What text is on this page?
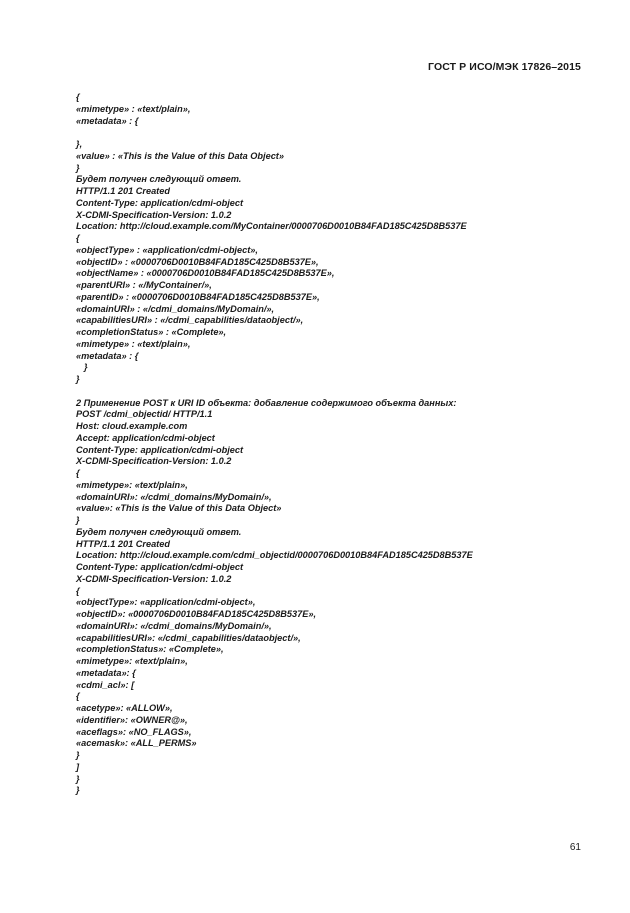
ГОСТ Р ИСО/МЭК 17826–2015
{
«mimetype» : «text/plain»,
«metadata» : {
},
«value» : «This is the Value of this Data Object»
}
Будет получен следующий ответ.
HTTP/1.1 201 Created
Content-Type: application/cdmi-object
X-CDMI-Specification-Version: 1.0.2
Location: http://cloud.example.com/MyContainer/0000706D0010B84FAD185C425D8B537E
{
«objectType» : «application/cdmi-object»,
«objectID» : «0000706D0010B84FAD185C425D8B537E»,
«objectName» : «0000706D0010B84FAD185C425D8B537E»,
«parentURI» : «/MyContainer/»,
«parentID» : «0000706D0010B84FAD185C425D8B537E»,
«domainURI» : «/cdmi_domains/MyDomain/»,
«capabilitiesURI» : «/cdmi_capabilities/dataobject/»,
«completionStatus» : «Complete»,
«mimetype» : «text/plain»,
«metadata» : {
}
}
2 Применение POST к URI ID объекта: добавление содержимого объекта данных:
POST /cdmi_objectid/ HTTP/1.1
Host: cloud.example.com
Accept: application/cdmi-object
Content-Type: application/cdmi-object
X-CDMI-Specification-Version: 1.0.2
{
«mimetype»: «text/plain»,
«domainURI»: «/cdmi_domains/MyDomain/»,
«value»: «This is the Value of this Data Object»
}
Будет получен следующий ответ.
HTTP/1.1 201 Created
Location: http://cloud.example.com/cdmi_objectid/0000706D0010B84FAD185C425D8B537E
Content-Type: application/cdmi-object
X-CDMI-Specification-Version: 1.0.2
{
«objectType»: «application/cdmi-object»,
«objectID»: «0000706D0010B84FAD185C425D8B537E»,
«domainURI»: «/cdmi_domains/MyDomain/»,
«capabilitiesURI»: «/cdmi_capabilities/dataobject/»,
«completionStatus»: «Complete»,
«mimetype»: «text/plain»,
«metadata»: {
«cdmi_acl»: [
{
«acetype»: «ALLOW»,
«identifier»: «OWNER@»,
«aceflags»: «NO_FLAGS»,
«acemask»: «ALL_PERMS»
}
]
}
}
61
